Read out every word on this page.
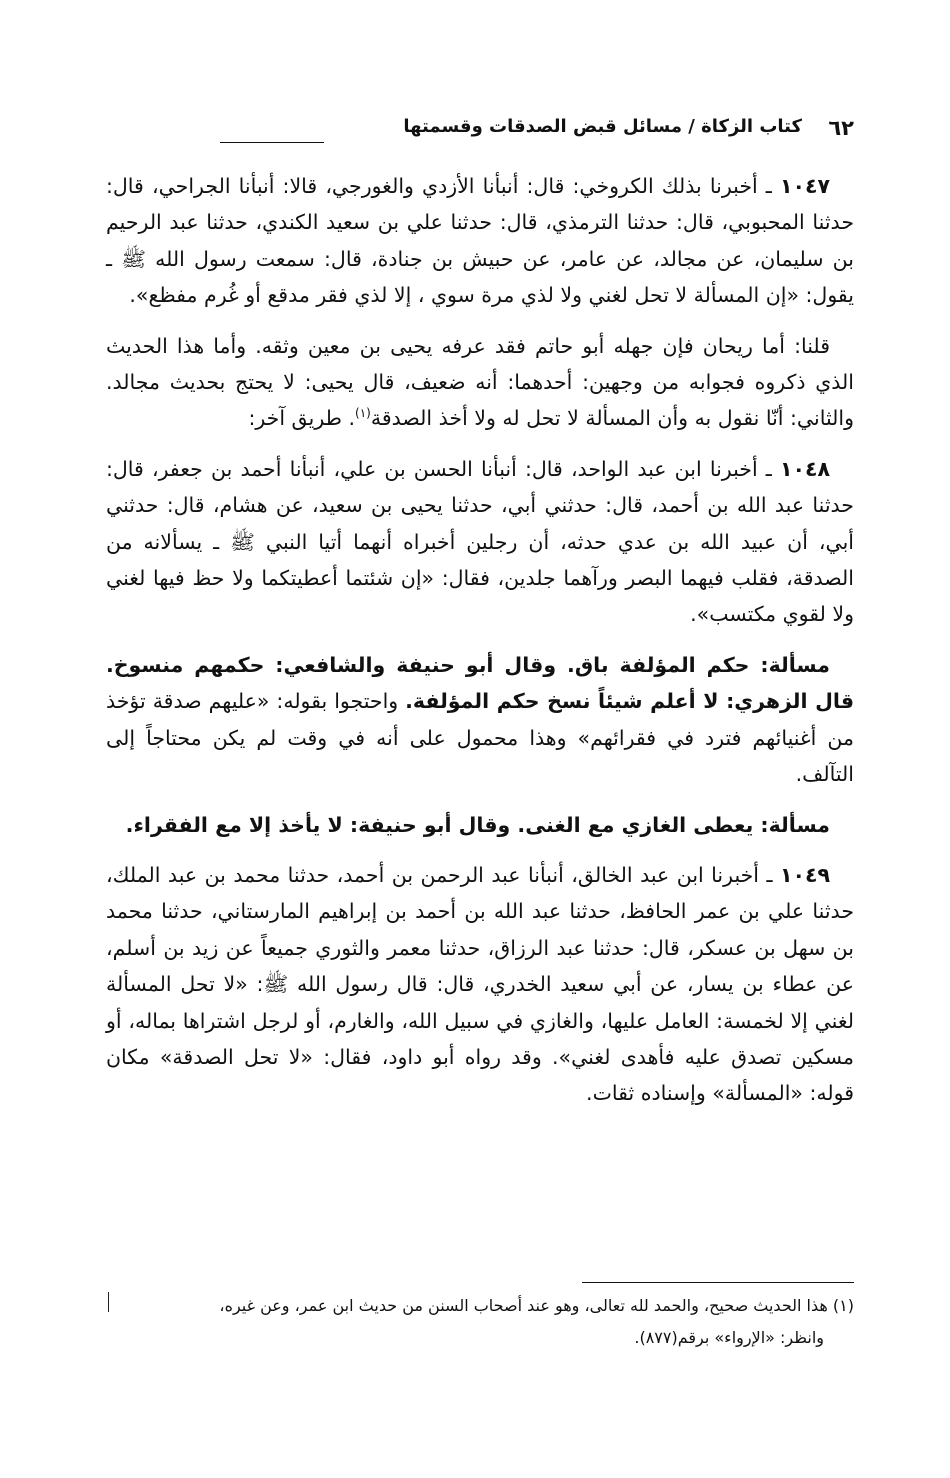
٦٢
كتاب الزكاة / مسائل قبض الصدقات وقسمتها

١٠٤٧ ـ أخبرنا بذلك الكروخي: قال: أنبأنا الأزدي والغورجي، قالا: أنبأنا الجراحي، قال: حدثنا المحبوبي، قال: حدثنا الترمذي، قال: حدثنا علي بن سعيد الكندي، حدثنا عبد الرحيم بن سليمان، عن مجالد، عن عامر، عن حبيش بن جنادة، قال: سمعت رسول الله ﷺ ـ يقول: «إن المسألة لا تحل لغني ولا لذي مرة سوي ، إلا لذي فقر مدقع أو غُرم مفظع».

قلنا: أما ريحان فإن جهله أبو حاتم فقد عرفه يحيى بن معين وثقه. وأما هذا الحديث الذي ذكروه فجوابه من وجهين: أحدهما: أنه ضعيف، قال يحيى: لا يحتج بحديث مجالد. والثاني: أنّا نقول به وأن المسألة لا تحل له ولا أخذ الصدقة$^{(١)}$. طريق آخر:

١٠٤٨ ـ أخبرنا ابن عبد الواحد، قال: أنبأنا الحسن بن علي، أنبأنا أحمد بن جعفر، قال: حدثنا عبد الله بن أحمد، قال: حدثني أبي، حدثنا يحيى بن سعيد، عن هشام، قال: حدثني أبي، أن عبيد الله بن عدي حدثه، أن رجلين أخبراه أنهما أتيا النبي ﷺ ـ يسألانه من الصدقة، فقلب فيهما البصر ورآهما جلدين، فقال: «إن شئتما أعطيتكما ولا حظ فيها لغني ولا لقوي مكتسب».

مسألة: حكم المؤلفة باق. وقال أبو حنيفة والشافعي: حكمهم منسوخ. قال الزهري: لا أعلم شيئاً نسخ حكم المؤلفة. واحتجوا بقوله: «عليهم صدقة تؤخذ من أغنيائهم فترد في فقرائهم» وهذا محمول على أنه في وقت لم يكن محتاجاً إلى التآلف.

مسألة: يعطى الغازي مع الغنى. وقال أبو حنيفة: لا يأخذ إلا مع الفقراء.

١٠٤٩ ـ أخبرنا ابن عبد الخالق، أنبأنا عبد الرحمن بن أحمد، حدثنا محمد بن عبد الملك، حدثنا علي بن عمر الحافظ، حدثنا عبد الله بن أحمد بن إبراهيم المارستاني، حدثنا محمد بن سهل بن عسكر، قال: حدثنا عبد الرزاق، حدثنا معمر والثوري جميعاً عن زيد بن أسلم، عن عطاء بن يسار، عن أبي سعيد الخدري، قال: قال رسول الله ﷺ: «لا تحل المسألة لغني إلا لخمسة: العامل عليها، والغازي في سبيل الله، والغارم، أو لرجل اشتراها بماله، أو مسكين تصدق عليه فأهدى لغني». وقد رواه أبو داود، فقال: «لا تحل الصدقة» مكان قوله: «المسألة» وإسناده ثقات.

(١) هذا الحديث صحيح، والحمد لله تعالى، وهو عند أصحاب السنن من حديث ابن عمر، وعن غيره،

وانظر: «الإرواء» برقم(٨٧٧).
